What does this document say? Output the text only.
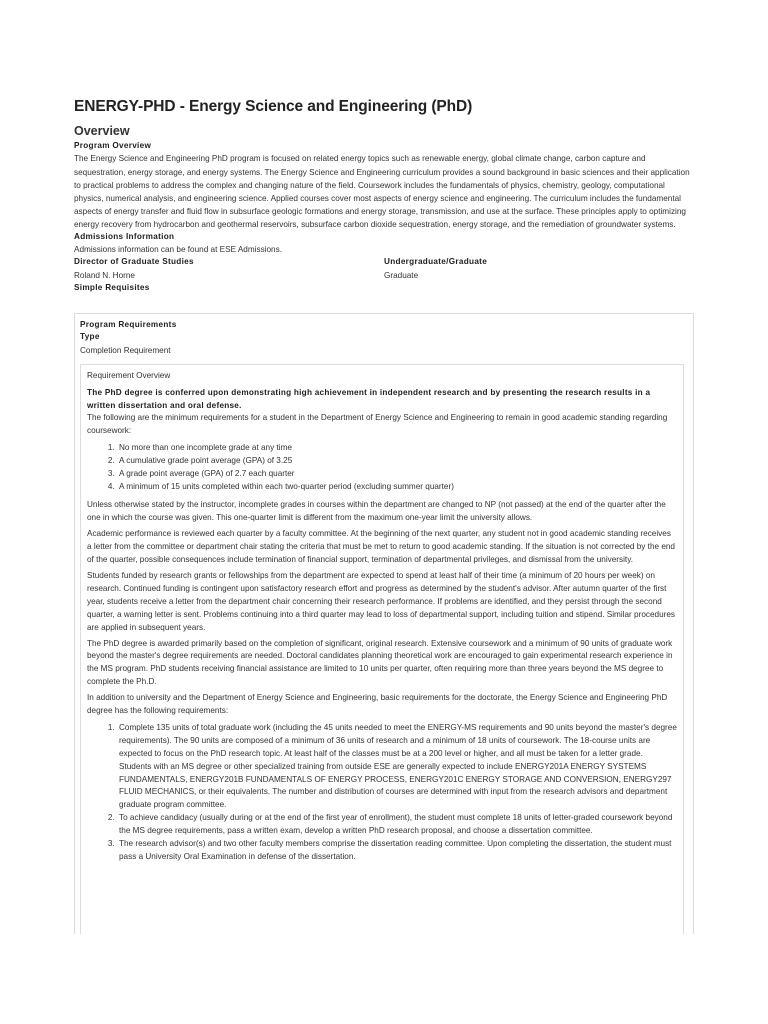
ENERGY-PHD - Energy Science and Engineering (PhD)
Overview
Program Overview
The Energy Science and Engineering PhD program is focused on related energy topics such as renewable energy, global climate change, carbon capture and sequestration, energy storage, and energy systems. The Energy Science and Engineering curriculum provides a sound background in basic sciences and their application to practical problems to address the complex and changing nature of the field. Coursework includes the fundamentals of physics, chemistry, geology, computational physics, numerical analysis, and engineering science. Applied courses cover most aspects of energy science and engineering. The curriculum includes the fundamental aspects of energy transfer and fluid flow in subsurface geologic formations and energy storage, transmission, and use at the surface. These principles apply to optimizing energy recovery from hydrocarbon and geothermal reservoirs, subsurface carbon dioxide sequestration, energy storage, and the remediation of groundwater systems.
Admissions Information
Admissions information can be found at ESE Admissions.
Director of Graduate Studies
Roland N. Horne
Undergraduate/Graduate
Graduate
Simple Requisites
Program Requirements
Type
Completion Requirement
Requirement Overview
The PhD degree is conferred upon demonstrating high achievement in independent research and by presenting the research results in a written dissertation and oral defense.

The following are the minimum requirements for a student in the Department of Energy Science and Engineering to remain in good academic standing regarding coursework:

1. No more than one incomplete grade at any time
2. A cumulative grade point average (GPA) of 3.25
3. A grade point average (GPA) of 2.7 each quarter
4. A minimum of 15 units completed within each two-quarter period (excluding summer quarter)

Unless otherwise stated by the instructor, incomplete grades in courses within the department are changed to NP (not passed) at the end of the quarter after the one in which the course was given. This one-quarter limit is different from the maximum one-year limit the university allows.

Academic performance is reviewed each quarter by a faculty committee. At the beginning of the next quarter, any student not in good academic standing receives a letter from the committee or department chair stating the criteria that must be met to return to good academic standing. If the situation is not corrected by the end of the quarter, possible consequences include termination of financial support, termination of departmental privileges, and dismissal from the university.

Students funded by research grants or fellowships from the department are expected to spend at least half of their time (a minimum of 20 hours per week) on research. Continued funding is contingent upon satisfactory research effort and progress as determined by the student's advisor. After autumn quarter of the first year, students receive a letter from the department chair concerning their research performance. If problems are identified, and they persist through the second quarter, a warning letter is sent. Problems continuing into a third quarter may lead to loss of departmental support, including tuition and stipend. Similar procedures are applied in subsequent years.

The PhD degree is awarded primarily based on the completion of significant, original research. Extensive coursework and a minimum of 90 units of graduate work beyond the master's degree requirements are needed. Doctoral candidates planning theoretical work are encouraged to gain experimental research experience in the MS program. PhD students receiving financial assistance are limited to 10 units per quarter, often requiring more than three years beyond the MS degree to complete the Ph.D.

In addition to university and the Department of Energy Science and Engineering, basic requirements for the doctorate, the Energy Science and Engineering PhD degree has the following requirements:

1. Complete 135 units of total graduate work (including the 45 units needed to meet the ENERGY-MS requirements and 90 units beyond the master's degree requirements). The 90 units are composed of a minimum of 36 units of research and a minimum of 18 units of coursework. The 18-course units are expected to focus on the PhD research topic. At least half of the classes must be at a 200 level or higher, and all must be taken for a letter grade. Students with an MS degree or other specialized training from outside ESE are generally expected to include ENERGY201A ENERGY SYSTEMS FUNDAMENTALS, ENERGY201B FUNDAMENTALS OF ENERGY PROCESS, ENERGY201C ENERGY STORAGE AND CONVERSION, ENERGY297 FLUID MECHANICS, or their equivalents. The number and distribution of courses are determined with input from the research advisors and department graduate program committee.
2. To achieve candidacy (usually during or at the end of the first year of enrollment), the student must complete 18 units of letter-graded coursework beyond the MS degree requirements, pass a written exam, develop a written PhD research proposal, and choose a dissertation committee.
3. The research advisor(s) and two other faculty members comprise the dissertation reading committee. Upon completing the dissertation, the student must pass a University Oral Examination in defense of the dissertation.
